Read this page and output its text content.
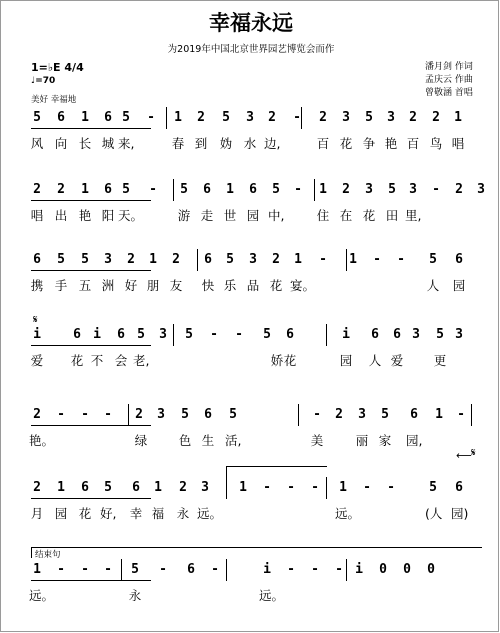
幸福永远
为2019年中国北京世界园艺博览会而作
1=♭E 4/4
♩=70
美好 幸福地
潘月剑 作词
孟庆云 作曲
曾敬涵 首唱
𝄋
𝄋
⟵
结束句
5 6 1 6 5 - 1 2 5 3 2 - 2 3 5 3 2 2 1
风 向 长 城 来,	春 到 妫 水 边,	百 花 争 艳 百 鸟 唱
2 2 1 6 5 - 5 6 1 6 5 - 1 2 3 5 3 - 2 3
唱 出 艳 阳 天。	游 走 世 园 中,	住 在 花 田 里,
6 5 5 3 2 1 2 6 5 3 2 1 - 1 - - 5 6
携 手 五 洲 好 朋 友 快 乐 品 花 宴。	人 园
i 6 i 6 5 3 5 - - 5 6	i 6 6 3 5 3
爱 花 不 会 老,	花	园 人 爱 更
娇
2 - - - 2 3 5 6 5	- 2 3 5 6 1 -
艳。	绿	色 生 活,	美	丽 家 园,
2 1 6 5 6 1 2 3 1 - - - 1 - -	5 6
月 园 花 好, 幸 福 永 远。	远。	(人 园)
1 - - - 5 - 6 -	i - - - i 0 0 0
远。	永	远。
